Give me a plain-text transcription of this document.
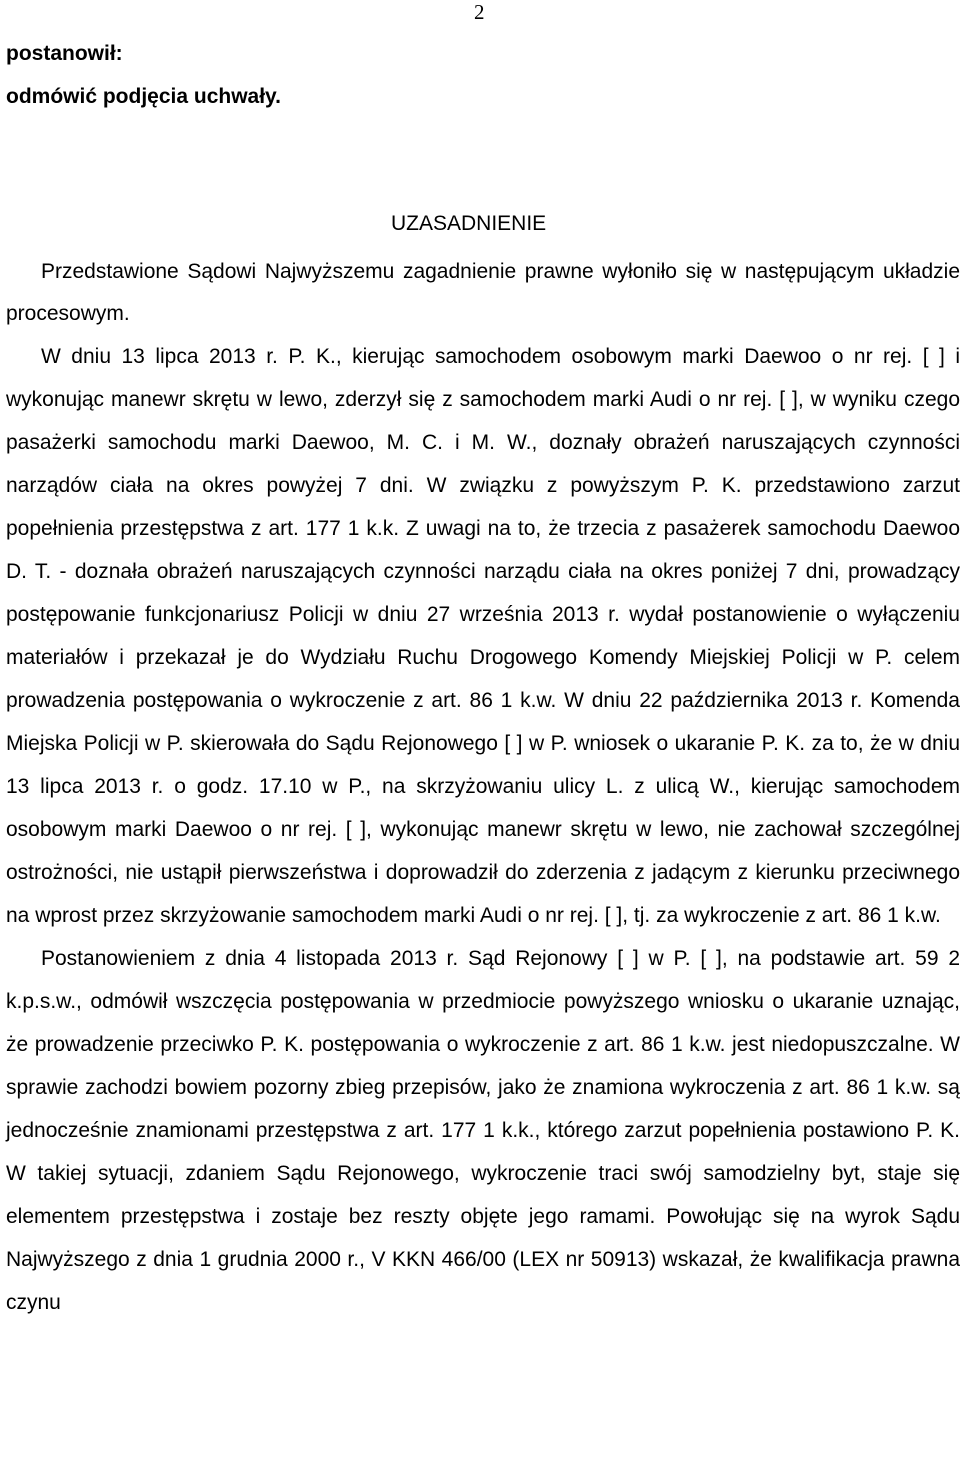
2
postanowił:
odmówić podjęcia uchwały.
UZASADNIENIE

Przedstawione Sądowi Najwyższemu zagadnienie prawne wyłoniło się w następującym układzie procesowym.

W dniu 13 lipca 2013 r. P. K., kierując samochodem osobowym marki Daewoo o nr rej. [ ] i wykonując manewr skrętu w lewo, zderzył się z samochodem marki Audi o nr rej. [ ], w wyniku czego pasażerki samochodu marki Daewoo, M. C. i M. W., doznały obrażeń naruszających czynności narządów ciała na okres powyżej 7 dni. W związku z powyższym P. K. przedstawiono zarzut popełnienia przestępstwa z art. 177 1 k.k. Z uwagi na to, że trzecia z pasażerek samochodu Daewoo D. T. - doznała obrażeń naruszających czynności narządu ciała na okres poniżej 7 dni, prowadzący postępowanie funkcjonariusz Policji w dniu 27 września 2013 r. wydał postanowienie o wyłączeniu materiałów i przekazał je do Wydziału Ruchu Drogowego Komendy Miejskiej Policji w P. celem prowadzenia postępowania o wykroczenie z art. 86 1 k.w. W dniu 22 października 2013 r. Komenda Miejska Policji w P. skierowała do Sądu Rejonowego [ ] w P. wniosek o ukaranie P. K. za to, że w dniu 13 lipca 2013 r. o godz. 17.10 w P., na skrzyżowaniu ulicy L. z ulicą W., kierując samochodem osobowym marki Daewoo o nr rej. [ ], wykonując manewr skrętu w lewo, nie zachował szczególnej ostrożności, nie ustąpił pierwszeństwa i doprowadził do zderzenia z jadącym z kierunku przeciwnego na wprost przez skrzyżowanie samochodem marki Audi o nr rej. [ ], tj. za wykroczenie z art. 86 1 k.w.

Postanowieniem z dnia 4 listopada 2013 r. Sąd Rejonowy [ ] w P. [ ], na podstawie art. 59 2 k.p.s.w., odmówił wszczęcia postępowania w przedmiocie powyższego wniosku o ukaranie uznając, że prowadzenie przeciwko P. K. postępowania o wykroczenie z art. 86 1 k.w. jest niedopuszczalne. W sprawie zachodzi bowiem pozorny zbieg przepisów, jako że znamiona wykroczenia z art. 86 1 k.w. są jednocześnie znamionami przestępstwa z art. 177 1 k.k., którego zarzut popełnienia postawiono P. K. W takiej sytuacji, zdaniem Sądu Rejonowego, wykroczenie traci swój samodzielny byt, staje się elementem przestępstwa i zostaje bez reszty objęte jego ramami. Powołując się na wyrok Sądu Najwyższego z dnia 1 grudnia 2000 r., V KKN 466/00 (LEX nr 50913) wskazał, że kwalifikacja prawna czynu
